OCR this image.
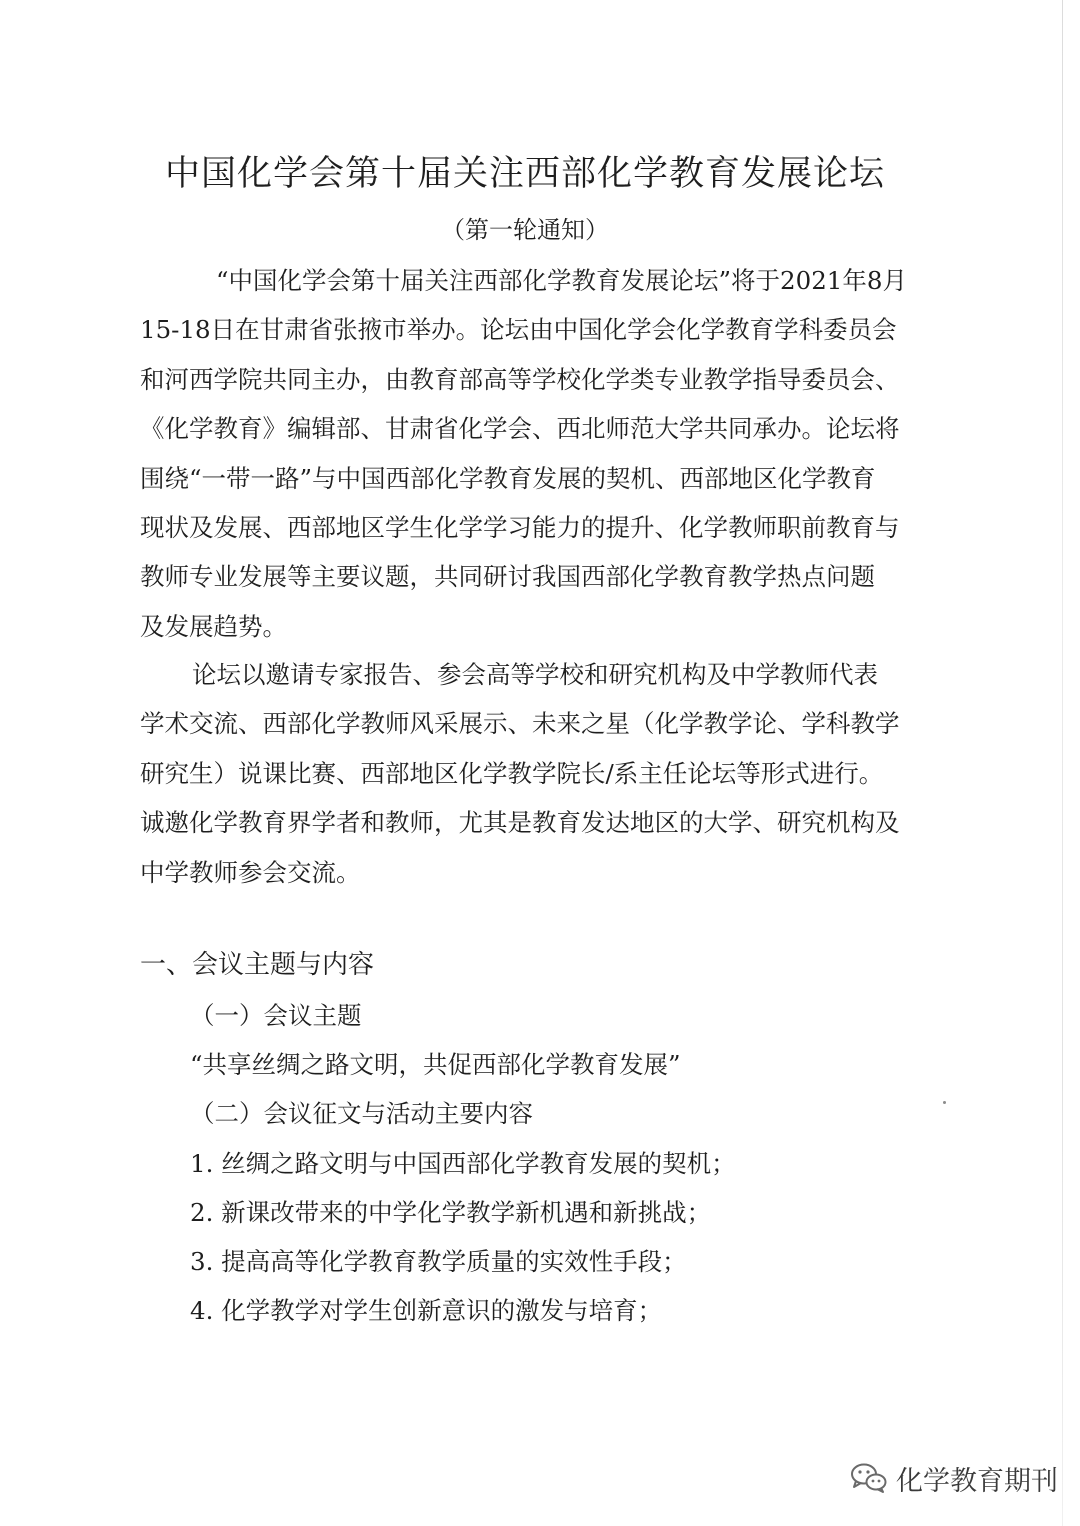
中国化学会第十届关注西部化学教育发展论坛
（第一轮通知）
“中国化学会第十届关注西部化学教育发展论坛”将于2021年8月
15-18日在甘肃省张掖市举办。论坛由中国化学会化学教育学科委员会
和河西学院共同主办，由教育部高等学校化学类专业教学指导委员会、
《化学教育》编辑部、甘肃省化学会、西北师范大学共同承办。论坛将
围绕“一带一路”与中国西部化学教育发展的契机、西部地区化学教育
现状及发展、西部地区学生化学学习能力的提升、化学教师职前教育与
教师专业发展等主要议题，共同研讨我国西部化学教育教学热点问题
及发展趋势。
论坛以邀请专家报告、参会高等学校和研究机构及中学教师代表
学术交流、西部化学教师风采展示、未来之星（化学教学论、学科教学
研究生）说课比赛、西部地区化学教学院长/系主任论坛等形式进行。
诚邀化学教育界学者和教师，尤其是教育发达地区的大学、研究机构及
中学教师参会交流。
一、会议主题与内容
（一）会议主题
“共享丝绸之路文明，共促西部化学教育发展”
（二）会议征文与活动主要内容
1. 丝绸之路文明与中国西部化学教育发展的契机；
2. 新课改带来的中学化学教学新机遇和新挑战；
3. 提高高等化学教育教学质量的实效性手段；
4. 化学教学对学生创新意识的激发与培育；
化学教育期刊
